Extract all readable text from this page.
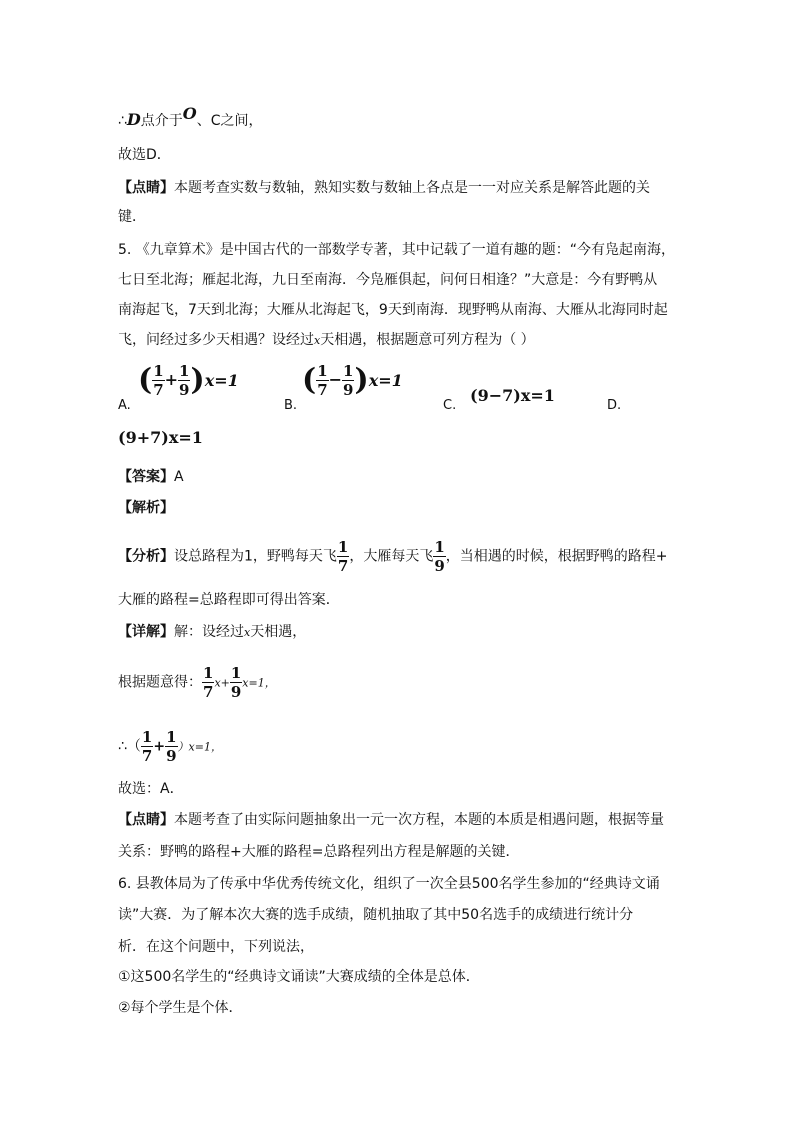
∴D点介于O、C之间，
故选D．
【点睛】本题考查实数与数轴，熟知实数与数轴上各点是一一对应关系是解答此题的关
键．
5. 《九章算术》是中国古代的一部数学专著，其中记载了一道有趣的题：“今有凫起南海，
七日至北海；雁起北海，九日至南海．今凫雁俱起，问何日相逢？”大意是：今有野鸭从
南海起飞，7天到北海；大雁从北海起飞，9天到南海．现野鸭从南海、大雁从北海同时起
飞，问经过多少天相遇？设经过x天相遇，根据题意可列方程为（ ）
A.
( $\frac{1}{7} + \frac{1}{9} )x=1$
B.
( $\frac{1}{7} - \frac{1}{9} )x=1$
C.
(9−7)x=1
D.
(9+7)x=1
【答案】A
【解析】
【分析】设总路程为1，野鸭每天飞 $\frac{1}{7}$ ，大雁每天飞 $\frac{1}{9}$ ，当相遇的时候，根据野鸭的路程+
大雁的路程=总路程即可得出答案．
【详解】解：设经过x天相遇，
根据题意得： $\frac{1}{7} x+ \frac{1}{9} x=1$，
∴（ $\frac{1}{7} + \frac{1}{9} )x=1$，
故选：A．
【点睛】本题考查了由实际问题抽象出一元一次方程，本题的本质是相遇问题，根据等量
关系：野鸭的路程+大雁的路程=总路程列出方程是解题的关键．
6. 县教体局为了传承中华优秀传统文化，组织了一次全县500名学生参加的“经典诗文诵
读”大赛．为了解本次大赛的选手成绩，随机抽取了其中50名选手的成绩进行统计分
析．在这个问题中，下列说法，
①这500名学生的“经典诗文诵读”大赛成绩的全体是总体．
②每个学生是个体．
